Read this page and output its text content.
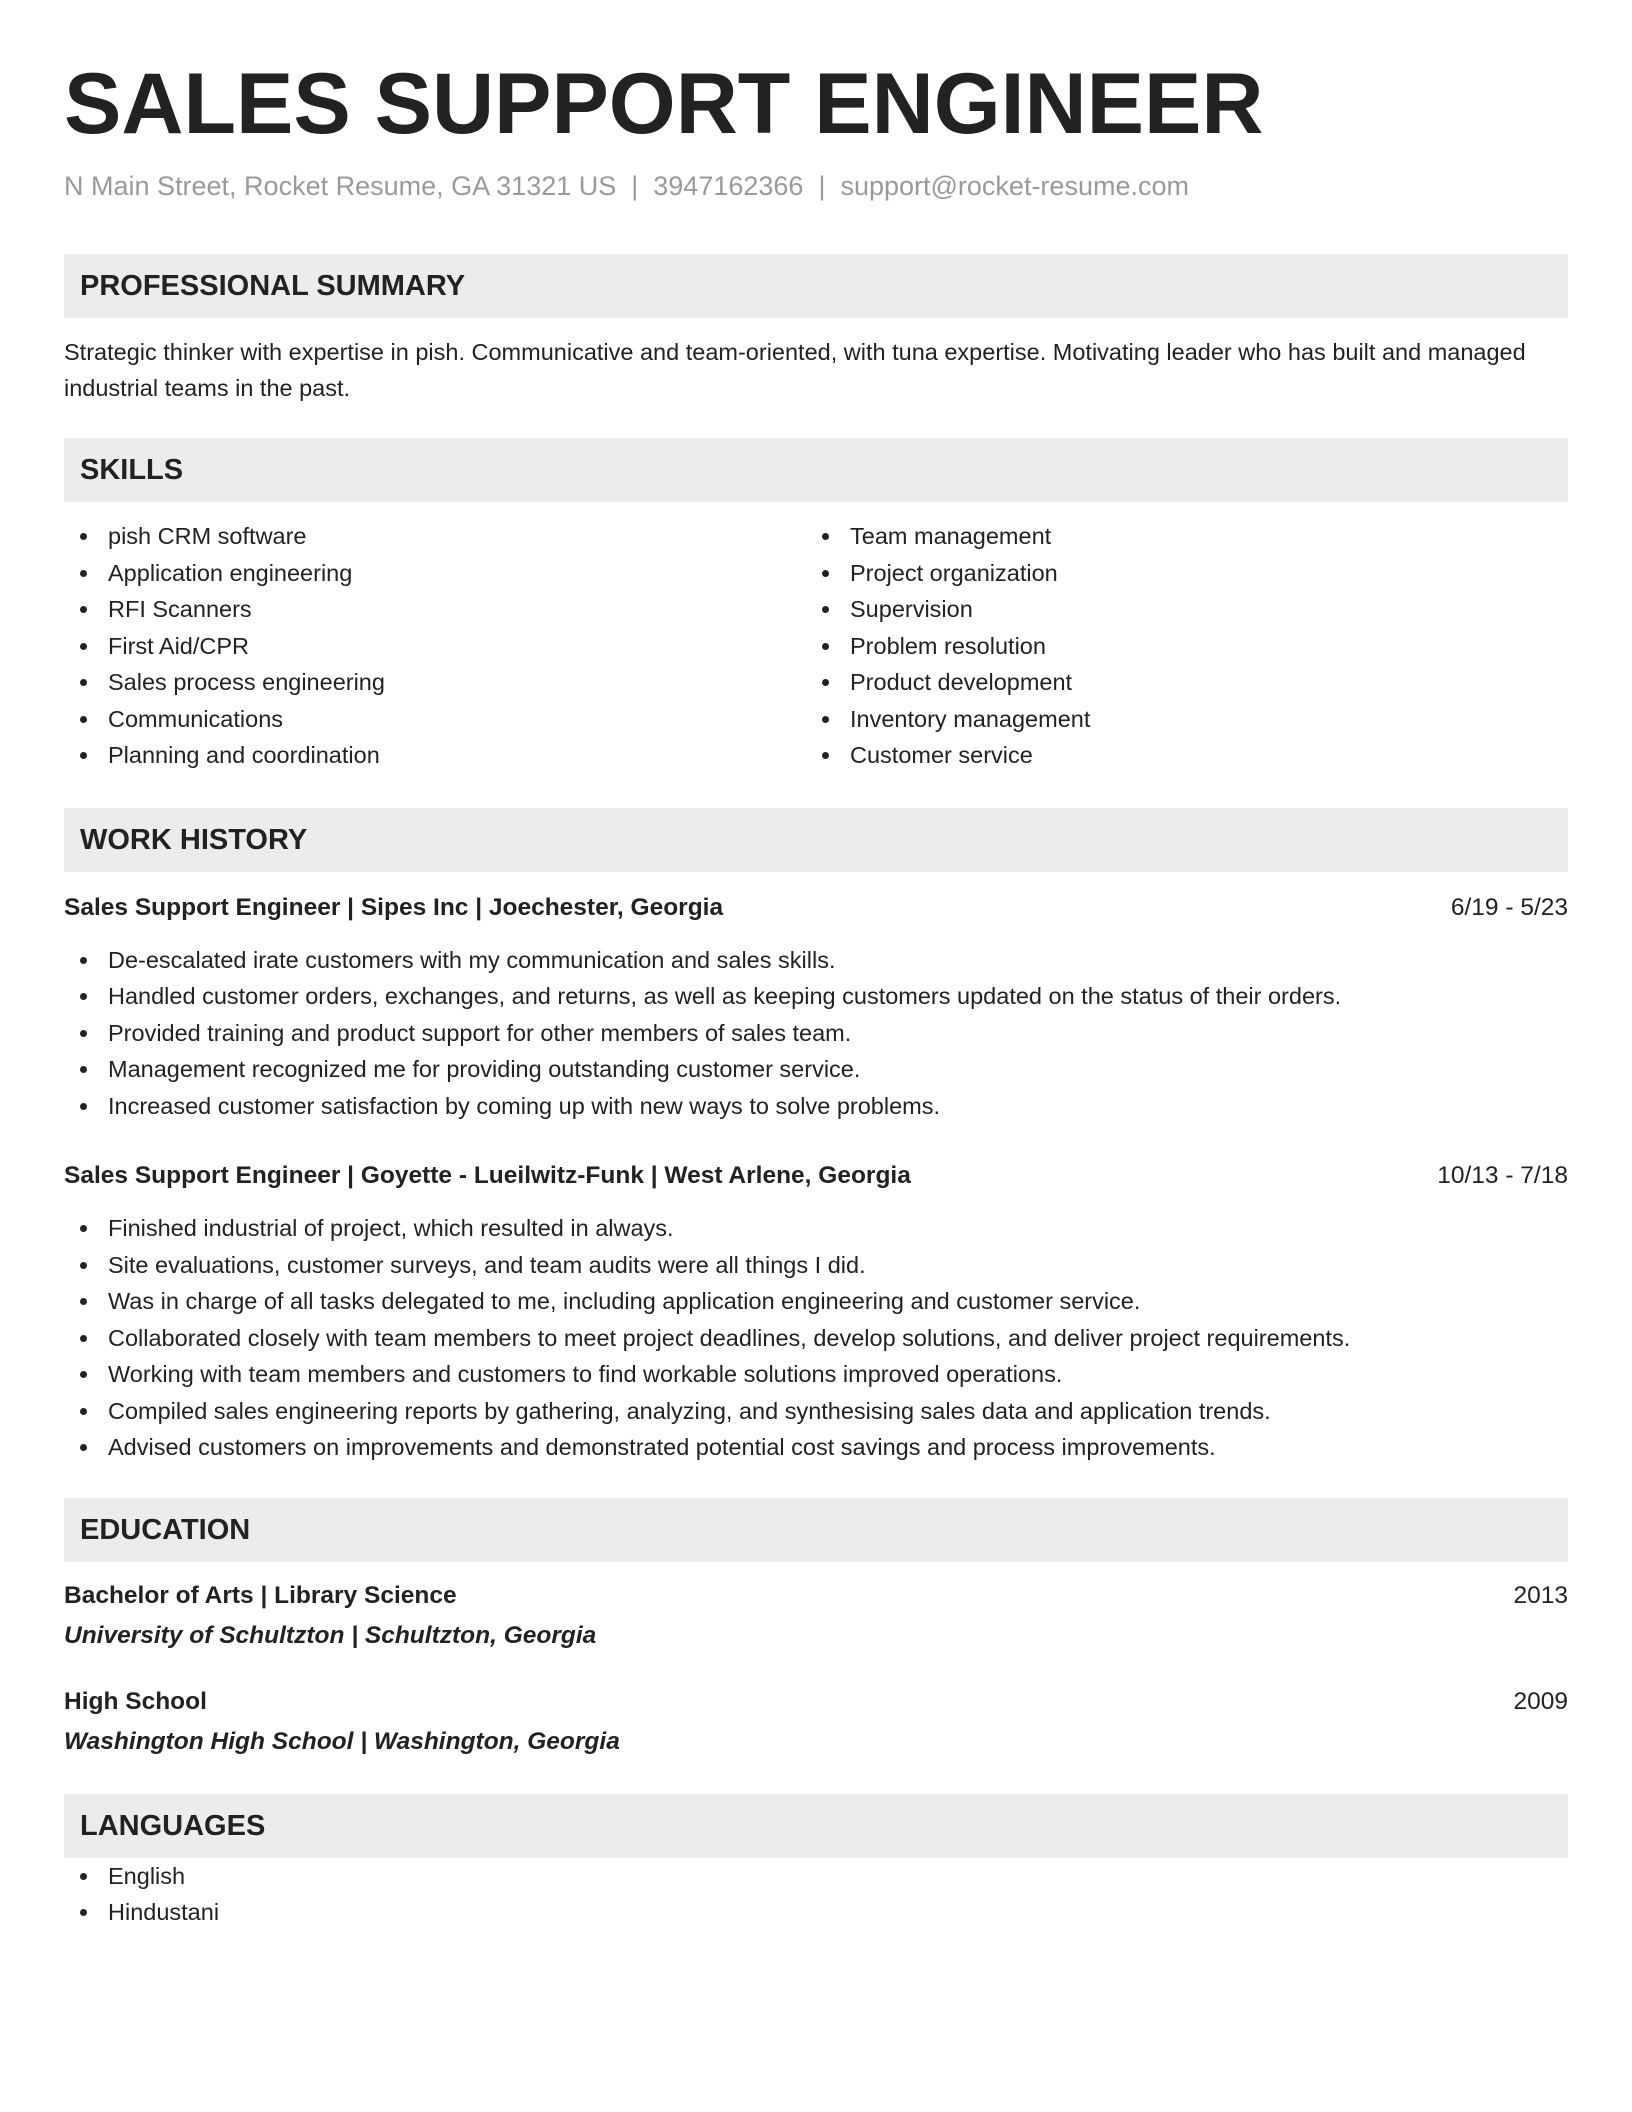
SALES SUPPORT ENGINEER
N Main Street, Rocket Resume, GA 31321 US | 3947162366 | support@rocket-resume.com
PROFESSIONAL SUMMARY
Strategic thinker with expertise in pish. Communicative and team-oriented, with tuna expertise. Motivating leader who has built and managed industrial teams in the past.
SKILLS
pish CRM software
Application engineering
RFI Scanners
First Aid/CPR
Sales process engineering
Communications
Planning and coordination
Team management
Project organization
Supervision
Problem resolution
Product development
Inventory management
Customer service
WORK HISTORY
Sales Support Engineer | Sipes Inc | Joechester, Georgia	6/19 - 5/23
De-escalated irate customers with my communication and sales skills.
Handled customer orders, exchanges, and returns, as well as keeping customers updated on the status of their orders.
Provided training and product support for other members of sales team.
Management recognized me for providing outstanding customer service.
Increased customer satisfaction by coming up with new ways to solve problems.
Sales Support Engineer | Goyette - Lueilwitz-Funk | West Arlene, Georgia	10/13 - 7/18
Finished industrial of project, which resulted in always.
Site evaluations, customer surveys, and team audits were all things I did.
Was in charge of all tasks delegated to me, including application engineering and customer service.
Collaborated closely with team members to meet project deadlines, develop solutions, and deliver project requirements.
Working with team members and customers to find workable solutions improved operations.
Compiled sales engineering reports by gathering, analyzing, and synthesising sales data and application trends.
Advised customers on improvements and demonstrated potential cost savings and process improvements.
EDUCATION
Bachelor of Arts | Library Science	2013
University of Schultzton | Schultzton, Georgia
High School	2009
Washington High School | Washington, Georgia
LANGUAGES
English
Hindustani
